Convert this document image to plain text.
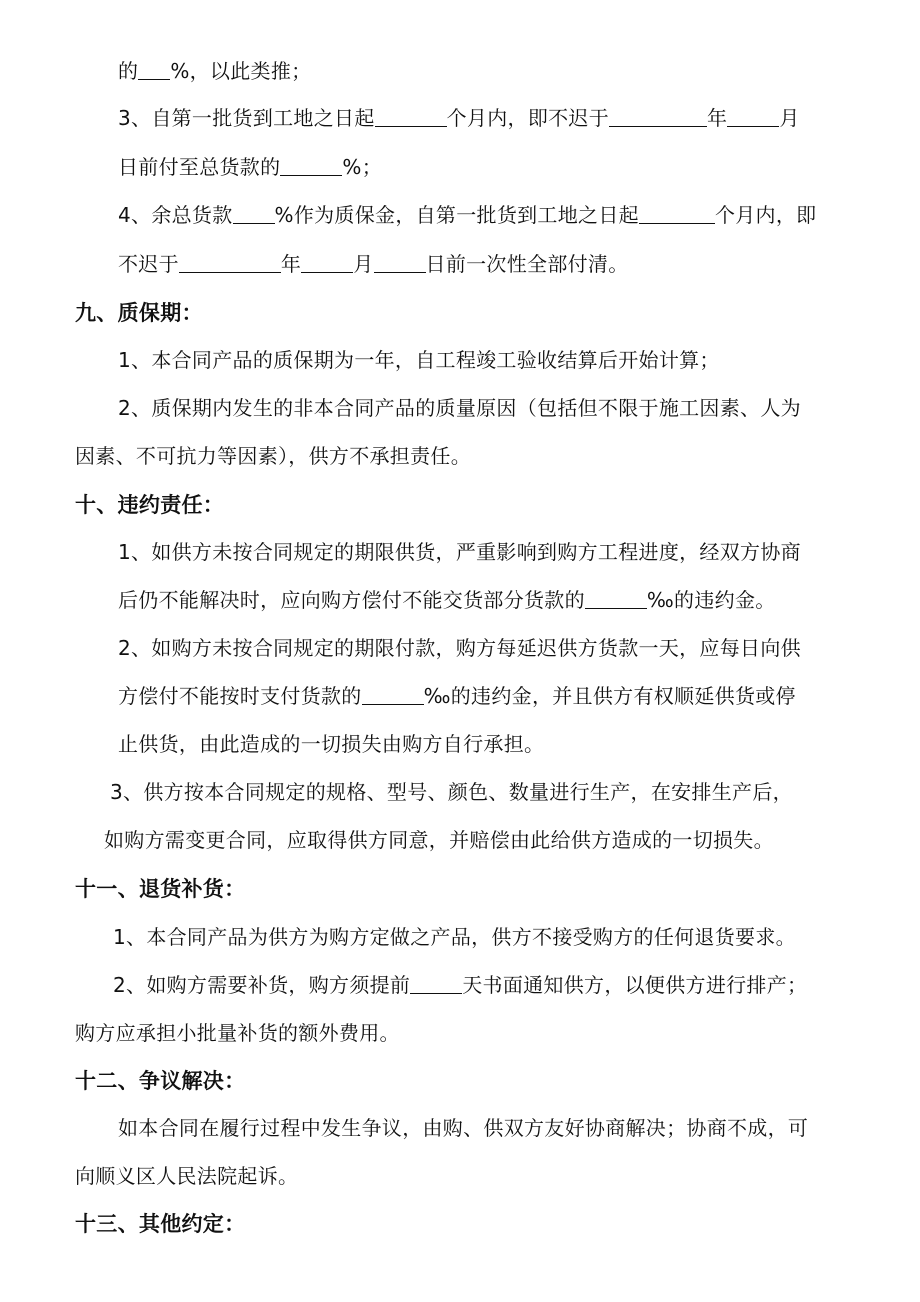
的 %，以此类推；
3、自第一批货到工地之日起	个月内，即不迟于	年	月
日前付至总货款的	%；
4、余总货款 %作为质保金，自第一批货到工地之日起	个月内，即
不迟于	年	月	日前一次性全部付清。
九、质保期：
1、本合同产品的质保期为一年，自工程竣工验收结算后开始计算；
2、质保期内发生的非本合同产品的质量原因（包括但不限于施工因素、人为
因素、不可抗力等因素），供方不承担责任。
十、违约责任：
1、如供方未按合同规定的期限供货，严重影响到购方工程进度，经双方协商
后仍不能解决时，应向购方偿付不能交货部分货款的	‰的违约金。
2、如购方未按合同规定的期限付款，购方每延迟供方货款一天，应每日向供
方偿付不能按时支付货款的	‰的违约金，并且供方有权顺延供货或停
止供货，由此造成的一切损失由购方自行承担。
3、供方按本合同规定的规格、型号、颜色、数量进行生产，在安排生产后，
如购方需变更合同，应取得供方同意，并赔偿由此给供方造成的一切损失。
十一、退货补货：
1、本合同产品为供方为购方定做之产品，供方不接受购方的任何退货要求。
2、如购方需要补货，购方须提前	天书面通知供方，以便供方进行排产；
购方应承担小批量补货的额外费用。
十二、争议解决：
如本合同在履行过程中发生争议，由购、供双方友好协商解决；协商不成，可
向顺义区人民法院起诉。
十三、其他约定：
